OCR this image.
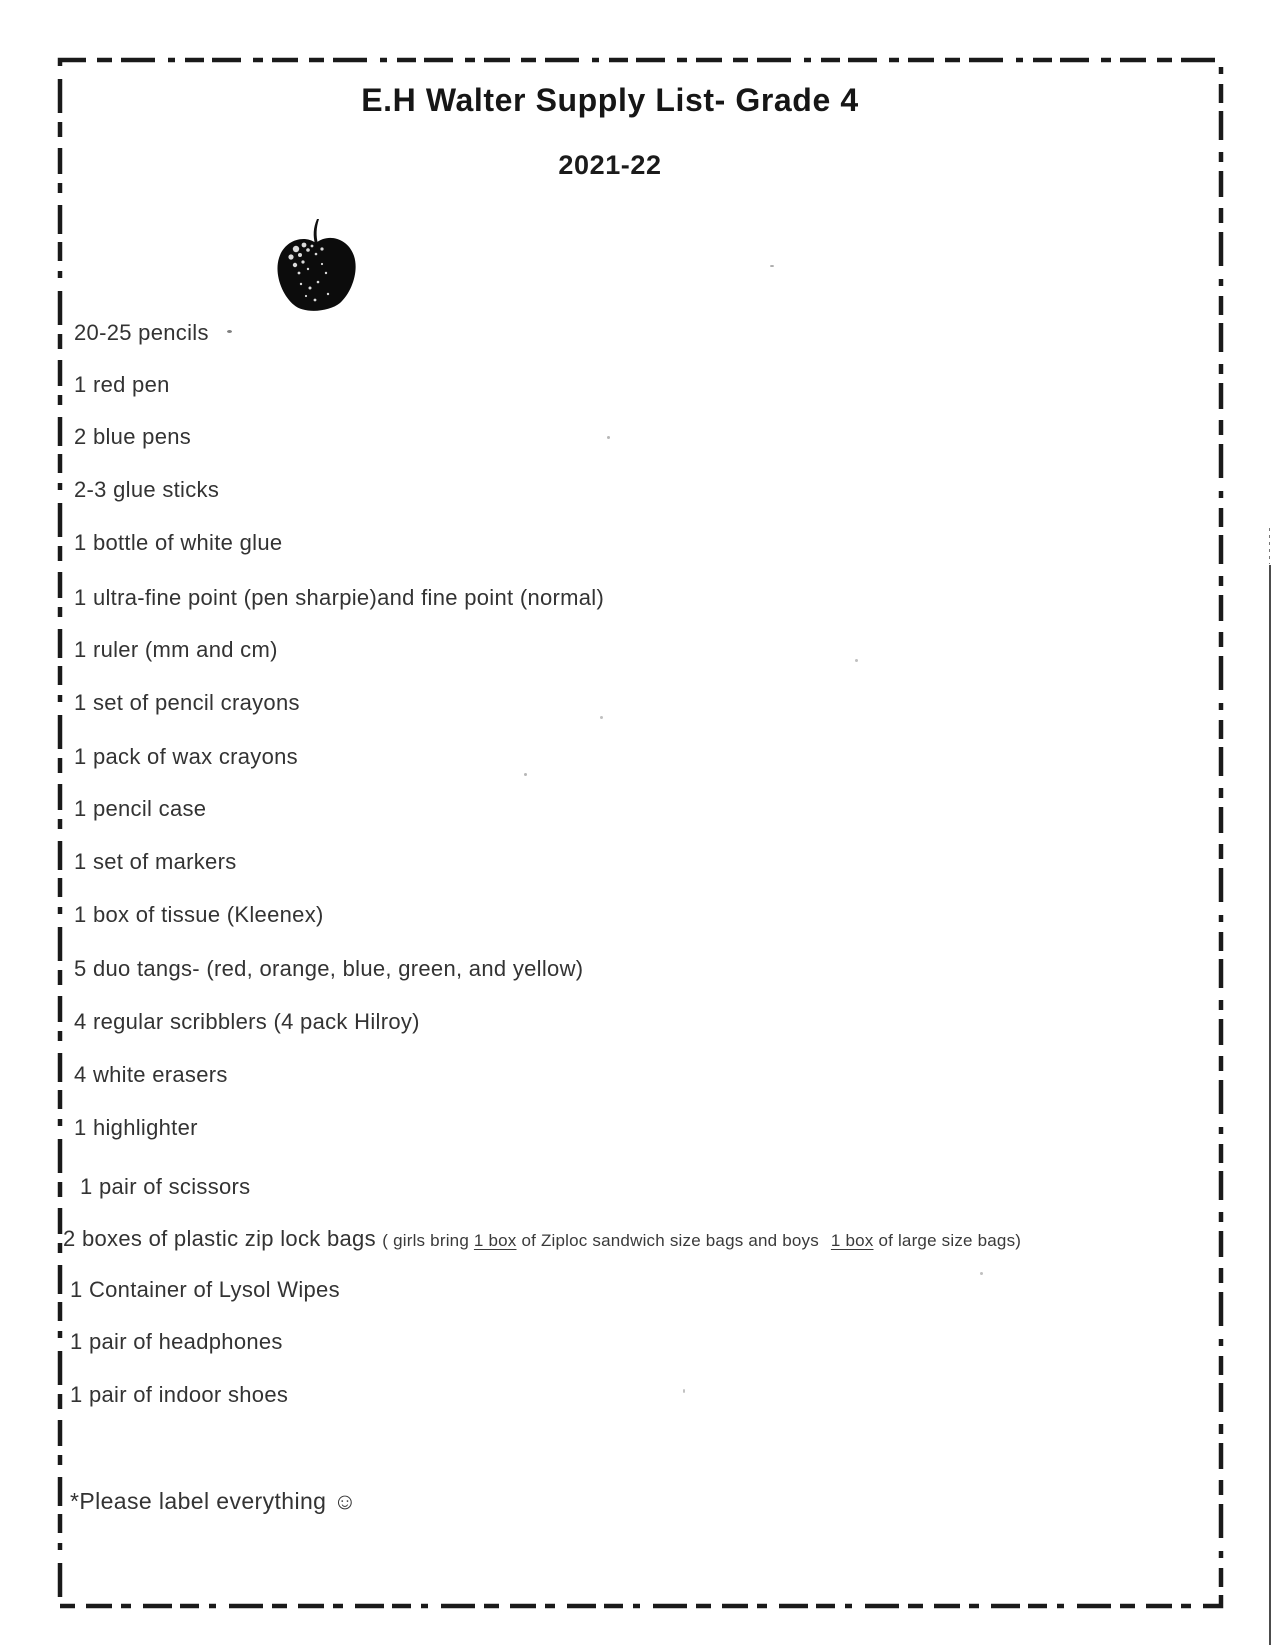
E.H Walter Supply List- Grade 4
2021-22
20-25 pencils
1 red pen
2 blue pens
2-3 glue sticks
1 bottle of white glue
1 ultra-fine point (pen sharpie)and fine point (normal)
1 ruler (mm and cm)
1 set of pencil crayons
1 pack of wax crayons
1 pencil case
1 set of markers
1 box of tissue (Kleenex)
5 duo tangs- (red, orange, blue, green, and yellow)
4 regular scribblers (4 pack Hilroy)
4 white erasers
1 highlighter
1 pair of scissors
2 boxes of plastic zip lock bags ( girls bring 1 box of Ziploc sandwich size bags and boys 1 box of large size bags)
1 Container of Lysol Wipes
1 pair of headphones
1 pair of indoor shoes
*Please label everything ☺
